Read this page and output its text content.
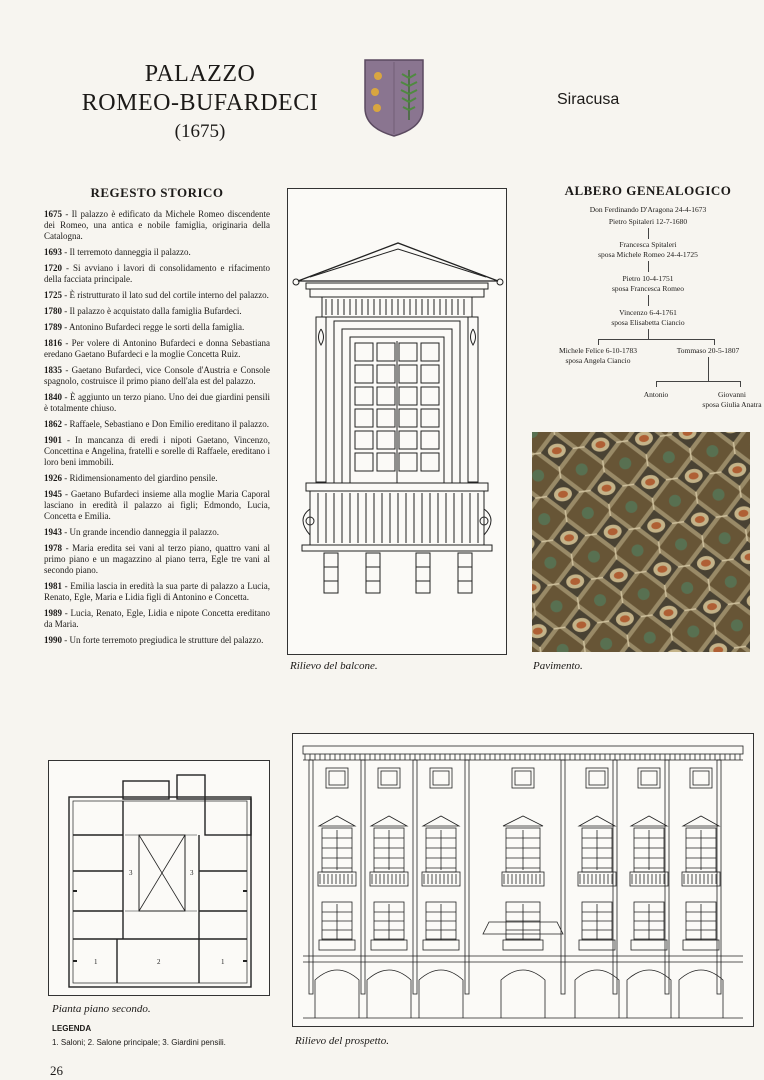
PALAZZO
ROMEO-BUFARDECI
(1675)
Siracusa
REGESTO STORICO
1675 - Il palazzo è edificato da Michele Romeo discendente dei Romeo, una antica e nobile famiglia, originaria della Catalogna.
1693 - Il terremoto danneggia il palazzo.
1720 - Si avviano i lavori di consolidamento e rifacimento della facciata principale.
1725 - È ristrutturato il lato sud del cortile interno del palazzo.
1780 - Il palazzo è acquistato dalla famiglia Bufardeci.
1789 - Antonino Bufardeci regge le sorti della famiglia.
1816 - Per volere di Antonino Bufardeci e donna Sebastiana eredano Gaetano Bufardeci e la moglie Concetta Ruiz.
1835 - Gaetano Bufardeci, vice Console d'Austria e Console spagnolo, costruisce il primo piano dell'ala est del palazzo.
1840 - È aggiunto un terzo piano. Uno dei due giardini pensili è totalmente chiuso.
1862 - Raffaele, Sebastiano e Don Emilio ereditano il palazzo.
1901 - In mancanza di eredi i nipoti Gaetano, Vincenzo, Concettina e Angelina, fratelli e sorelle di Raffaele, ereditano i loro beni immobili.
1926 - Ridimensionamento del giardino pensile.
1945 - Gaetano Bufardeci insieme alla moglie Maria Caporal lasciano in eredità il palazzo ai figli; Edmondo, Lucia, Concetta e Emilia.
1943 - Un grande incendio danneggia il palazzo.
1978 - Maria eredita sei vani al terzo piano, quattro vani al primo piano e un magazzino al piano terra, Egle tre vani al secondo piano.
1981 - Emilia lascia in eredità la sua parte di palazzo a Lucia, Renato, Egle, Maria e Lidia figli di Antonino e Concetta.
1989 - Lucia, Renato, Egle, Lidia e nipote Concetta ereditano da Maria.
1990 - Un forte terremoto pregiudica le strutture del palazzo.
Rilievo del balcone.
ALBERO GENEALOGICO
Don Ferdinando D'Aragona 24-4-1673
Pietro Spitaleri 12-7-1680
Francesca Spitaleri
sposa Michele Romeo 24-4-1725
Pietro 10-4-1751
sposa Francesca Romeo
Vincenzo 6-4-1761
sposa Elisabetta Ciancio
Michele Felice 6-10-1783
sposa Angela Ciancio
Tommaso 20-5-1807
Antonio	Giovanni
sposa Giulia Anatra
Pavimento.
1	2	1
3	3
Pianta piano secondo.
LEGENDA
1. Saloni; 2. Salone principale; 3. Giardini pensili.	Rilievo del prospetto.
26
